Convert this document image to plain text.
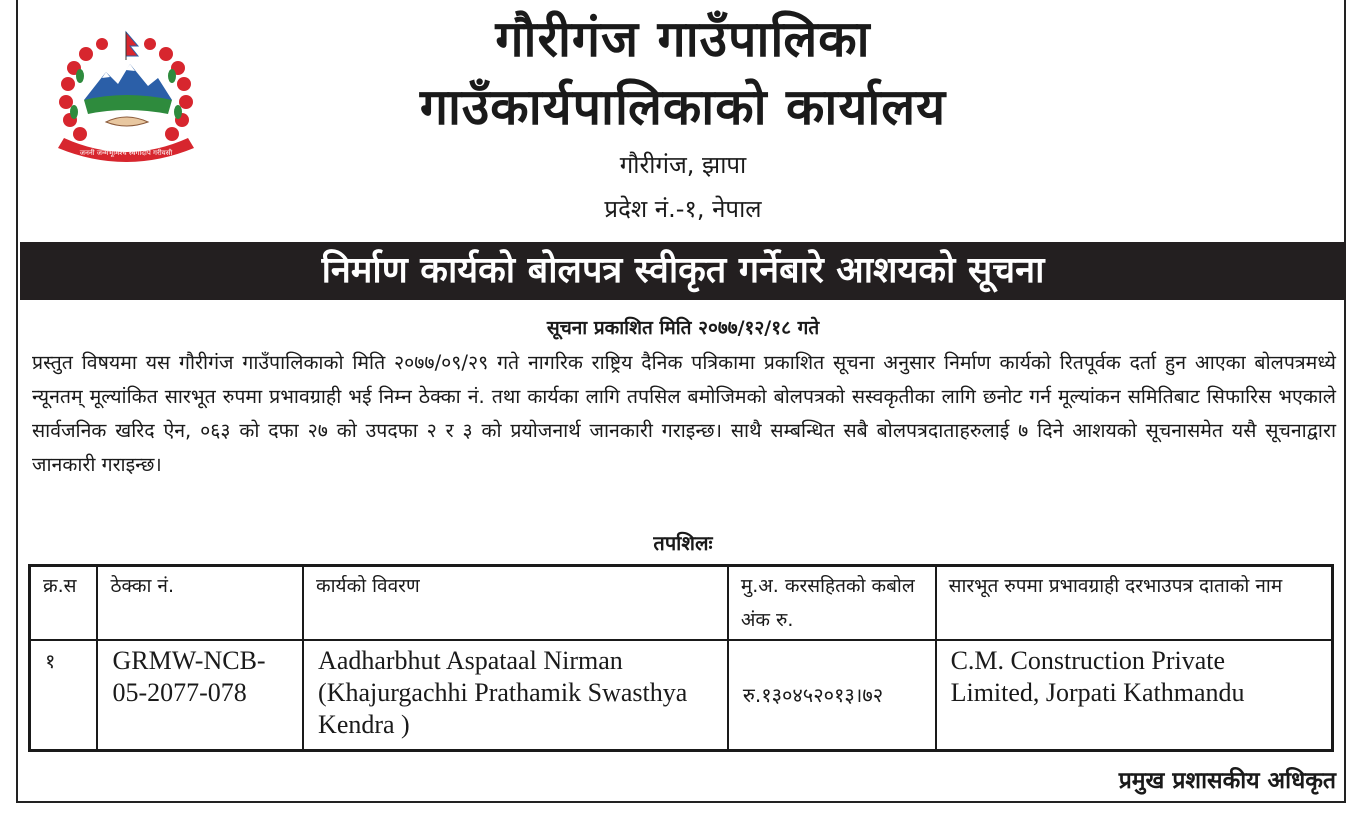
जननी जन्मभूमिश्च स्वर्गादपि गरीयसी
गौरीगंज गाउँपालिका
गाउँकार्यपालिकाको कार्यालय
गौरीगंज, झापा
प्रदेश नं.-१, नेपाल
निर्माण कार्यको बोलपत्र स्वीकृत गर्नेबारे आशयको सूचना
सूचना प्रकाशित मिति २०७७/१२/१८ गते
प्रस्तुत विषयमा यस गौरीगंज गाउँपालिकाको मिति २०७७/०९/२९ गते नागरिक राष्ट्रिय दैनिक पत्रिकामा प्रकाशित सूचना अनुसार निर्माण कार्यको रितपूर्वक दर्ता हुन आएका बोलपत्रमध्ये न्यूनतम् मूल्यांकित सारभूत रुपमा प्रभावग्राही भई निम्न ठेक्का नं. तथा कार्यका लागि तपसिल बमोजिमको बोलपत्रको सस्वकृतीका लागि छनोट गर्न मूल्यांकन समितिबाट सिफारिस भएकाले सार्वजनिक खरिद ऐन, ०६३ को दफा २७ को उपदफा २ र ३ को प्रयोजनार्थ जानकारी गराइन्छ। साथै सम्बन्धित सबै बोलपत्रदाताहरुलाई ७ दिने आशयको सूचनासमेत यसै सूचनाद्वारा जानकारी गराइन्छ।
तपशिलः
क्र.स	ठेक्का नं.	कार्यको विवरण	मु.अ. करसहितको कबोल अंक रु.	सारभूत रुपमा प्रभावग्राही दरभाउपत्र दाताको नाम
१	GRMW-NCB-05-2077-078	Aadharbhut Aspataal Nirman (Khajurgachhi Prathamik Swasthya Kendra )	रु.१३०४५२०१३।७२	C.M. Construction Private Limited, Jorpati Kathmandu
प्रमुख प्रशासकीय अधिकृत
